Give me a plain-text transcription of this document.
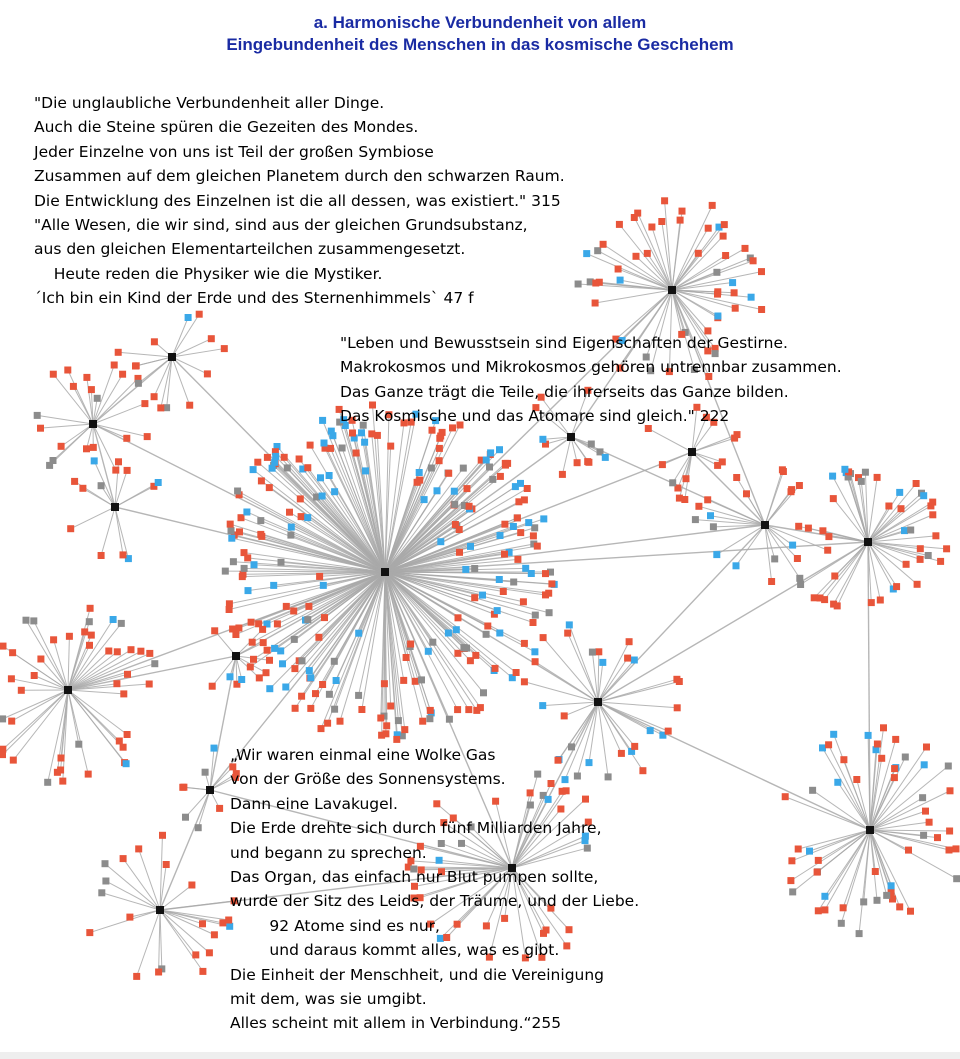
a. Harmonische Verbundenheit von allem
Eingebundenheit des Menschen in das kosmische Geschehem
"Die unglaubliche Verbundenheit aller Dinge.
Auch die Steine spüren die Gezeiten des Mondes.
Jeder Einzelne von uns ist Teil der großen Symbiose
Zusammen auf dem gleichen Planetem durch den schwarzen Raum.
Die Entwicklung des Einzelnen ist die all dessen, was existiert." 315
"Alle Wesen, die wir sind, sind aus der gleichen Grundsubstanz,
aus den gleichen Elementarteilchen zusammengesetzt.
Heute reden die Physiker wie die Mystiker.
´Ich bin ein Kind der Erde und des Sternenhimmels` 47 f
"Leben und Bewusstsein sind Eigenschaften der Gestirne.
Makrokosmos und Mikrokosmos gehören untrennbar zusammen.
Das Ganze trägt die Teile, die ihrerseits das Ganze bilden.
Das Kosmische und das Atomare sind gleich." 222
„Wir waren einmal eine Wolke Gas
von der Größe des Sonnensystems.
Dann eine Lavakugel.
Die Erde drehte sich durch fünf Milliarden Jahre,
und begann zu sprechen.
Das Organ, das einfach nur Blut pumpen sollte,
wurde der Sitz des Leids, der Träume, und der Liebe.
92 Atome sind es nur,
und daraus kommt alles, was es gibt.
Die Einheit der Menschheit, und die Vereinigung
mit dem, was sie umgibt.
Alles scheint mit allem in Verbindung.“255
